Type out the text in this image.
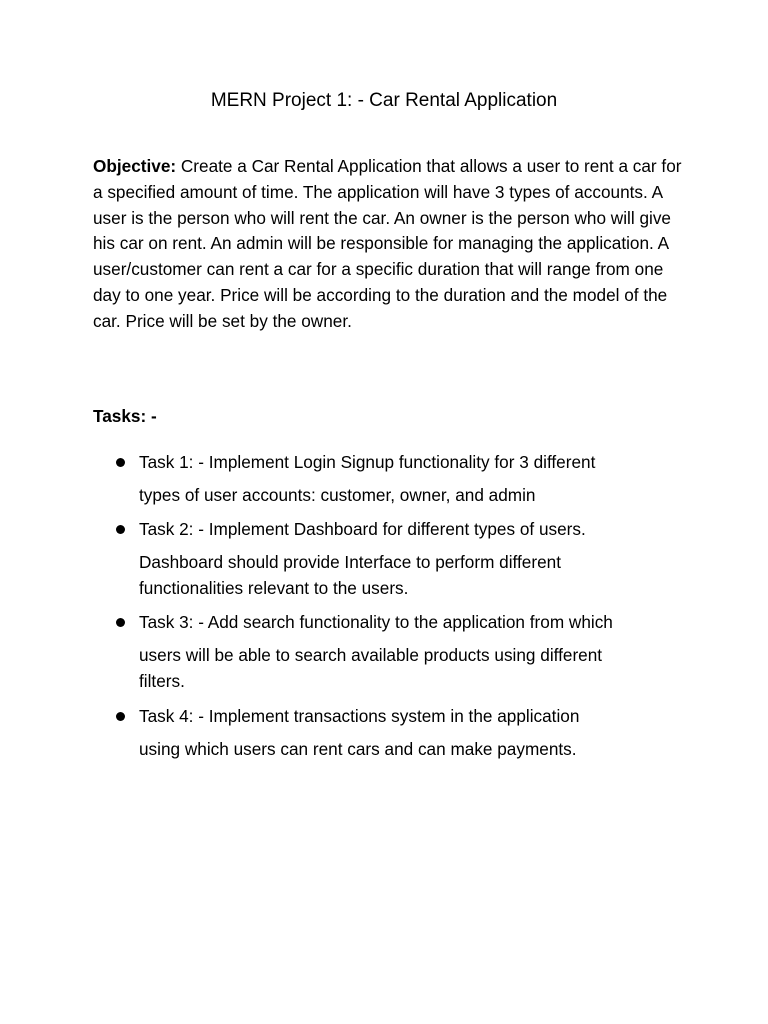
MERN Project 1: - Car Rental Application

Objective: Create a Car Rental Application that allows a user to rent a car for a specified amount of time. The application will have 3 types of accounts. A user is the person who will rent the car. An owner is the person who will give his car on rent. An admin will be responsible for managing the application. A user/customer can rent a car for a specific duration that will range from one day to one year. Price will be according to the duration and the model of the car. Price will be set by the owner.

Tasks: -
Task 1: - Implement Login Signup functionality for 3 different
types of user accounts: customer, owner, and admin
Task 2: - Implement Dashboard for different types of users.
Dashboard should provide Interface to perform different
functionalities relevant to the users.
Task 3: - Add search functionality to the application from which
users will be able to search available products using different
filters.
Task 4: - Implement transactions system in the application
using which users can rent cars and can make payments.
